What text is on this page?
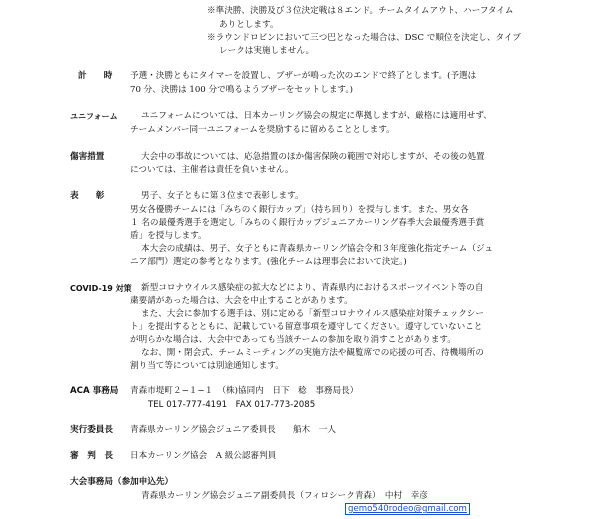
※準決勝、決勝及び３位決定戦は８エンド。チームタイムアウト、ハーフタイム
ありとします。
※ラウンドロビンにおいて三つ巴となった場合は、DSC で順位を決定し、タイブ
レークは実施しません。
計　　時 予選・決勝ともにタイマーを設置し、ブザーが鳴った次のエンドで終了とします。(予選は
70 分、決勝は 100 分で鳴るようブザーをセットします。)
ユニフォーム	ユニフォームについては、日本カーリング協会の規定に準拠しますが、厳格には適用せず、
チームメンバー同一ユニフォームを奨励するに留めることとします。
傷害措置	大会中の事故については、応急措置のほか傷害保険の範囲で対応しますが、その後の処置
については、主催者は責任を負いません。
表　　彰	男子、女子ともに第３位まで表彰します。
男女各優勝チームには「みちのく銀行カップ」（持ち回り）を授与します。また、男女各
１ 名の最優秀選手を選定し「みちのく銀行カップジュニアカーリング春季大会最優秀選手賞
盾」を授与します。
本大会の成績は、男子、女子ともに青森県カーリング協会令和３年度強化指定チーム（ジュ
ニア部門）選定の参考となります。(強化チームは理事会において決定。)
COVID-19 対策 新型コロナウイルス感染症の拡大などにより、青森県内におけるスポーツイベント等の自
粛要請があった場合は、大会を中止することがあります。
また、大会に参加する選手は、別に定める「新型コロナウイルス感染症対策チェックシー
ト」を提出するとともに、記載している留意事項を遵守してください。遵守していないこと
が明らかな場合は、大会中であっても当該チームの参加を取り消すことがあります。
なお、開・閉会式、チームミーティングの実施方法や観覧席での応援の可否、待機場所の
割り当て等については別途通知します。
ACA 事務局 青森市堤町２−１−１　（株)協同内　日下　稔　事務局長）
TEL 017-777-4191　FAX 017-773-2085
実行委員長 青森県カーリング協会ジュニア委員長　　船木　一人
審　判　長 日本カーリング協会　A 級公認審判員
大会事務局（参加申込先）
青森県カーリング協会ジュニア副委員長（フィロシーク青森）　中村　幸彦
gemo540rodeo@gmail.com
